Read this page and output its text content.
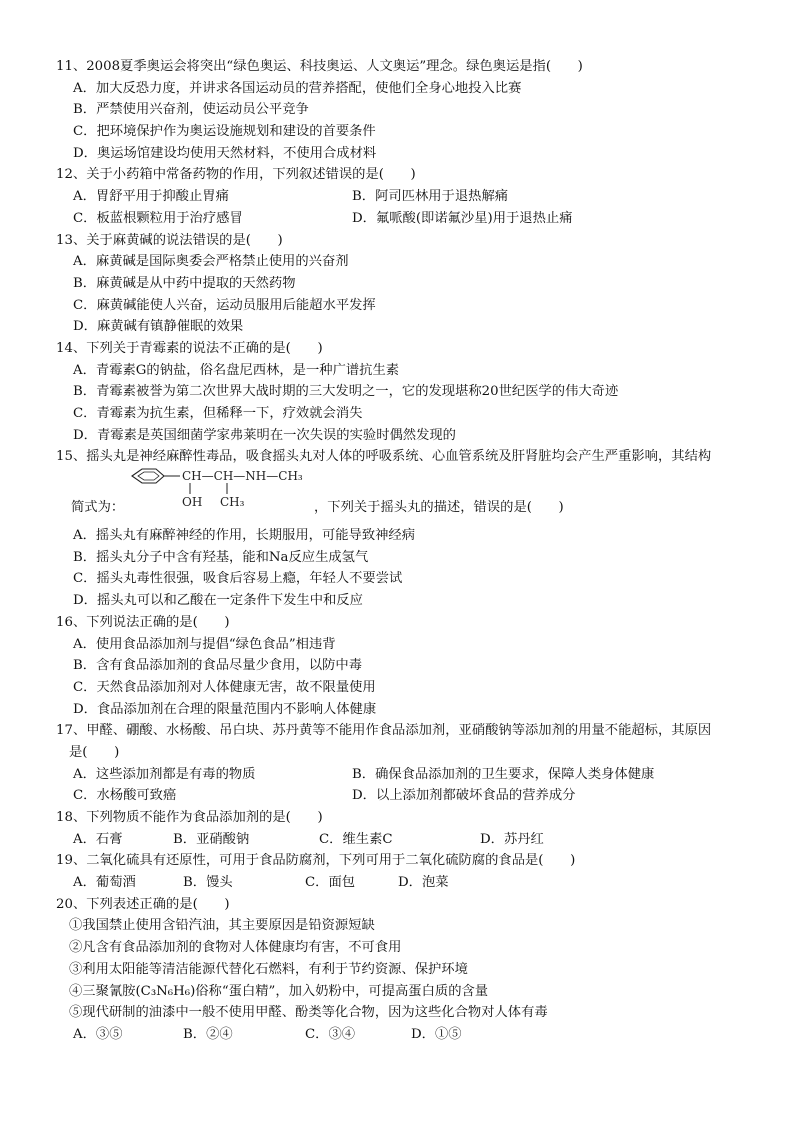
11、2008夏季奥运会将突出“绿色奥运、科技奥运、人文奥运”理念。绿色奥运是指(　　)
A．加大反恐力度，并讲求各国运动员的营养搭配，使他们全身心地投入比赛
B．严禁使用兴奋剂，使运动员公平竞争
C．把环境保护作为奥运设施规划和建设的首要条件
D．奥运场馆建设均使用天然材料，不使用合成材料
12、关于小药箱中常备药物的作用，下列叙述错误的是(　　)
A．胃舒平用于抑酸止胃痛	B．阿司匹林用于退热解痛
C．板蓝根颗粒用于治疗感冒	D．氟哌酸(即诺氟沙星)用于退热止痛
13、关于麻黄碱的说法错误的是(　　)
A．麻黄碱是国际奥委会严格禁止使用的兴奋剂
B．麻黄碱是从中药中提取的天然药物
C．麻黄碱能使人兴奋，运动员服用后能超水平发挥
D．麻黄碱有镇静催眠的效果
14、下列关于青霉素的说法不正确的是(　　)
A．青霉素G的钠盐，俗名盘尼西林，是一种广谱抗生素
B．青霉素被誉为第二次世界大战时期的三大发明之一，它的发现堪称20世纪医学的伟大奇迹
C．青霉素为抗生素，但稀释一下，疗效就会消失
D．青霉素是英国细菌学家弗莱明在一次失误的实验时偶然发现的
15、摇头丸是神经麻醉性毒品，吸食摇头丸对人体的呼吸系统、心血管系统及肝肾脏均会产生严重影响，其结构
简式为：
CH—CH—NH—CH₃
OH CH₃	，下列关于摇头丸的描述，错误的是(　　)
A．摇头丸有麻醉神经的作用，长期服用，可能导致神经病
B．摇头丸分子中含有羟基，能和Na反应生成氢气
C．摇头丸毒性很强，吸食后容易上瘾，年轻人不要尝试
D．摇头丸可以和乙酸在一定条件下发生中和反应
16、下列说法正确的是(　　)
A．使用食品添加剂与提倡“绿色食品”相违背
B．含有食品添加剂的食品尽量少食用，以防中毒
C．天然食品添加剂对人体健康无害，故不限量使用
D．食品添加剂在合理的限量范围内不影响人体健康
17、甲醛、硼酸、水杨酸、吊白块、苏丹黄等不能用作食品添加剂，亚硝酸钠等添加剂的用量不能超标，其原因
是(　　)
A．这些添加剂都是有毒的物质	B．确保食品添加剂的卫生要求，保障人类身体健康
C．水杨酸可致癌	D．以上添加剂都破坏食品的营养成分
18、下列物质不能作为食品添加剂的是(　　)
A．石膏	B．亚硝酸钠	C．维生素C	D．苏丹红
19、二氧化硫具有还原性，可用于食品防腐剂，下列可用于二氧化硫防腐的食品是(　　)
A．葡萄酒	B．馒头	C．面包	D．泡菜
20、下列表述正确的是(　　)
①我国禁止使用含铅汽油，其主要原因是铅资源短缺
②凡含有食品添加剂的食物对人体健康均有害，不可食用
③利用太阳能等清洁能源代替化石燃料，有利于节约资源、保护环境
④三聚氰胺(C₃N₆H₆)俗称“蛋白精”，加入奶粉中，可提高蛋白质的含量
⑤现代研制的油漆中一般不使用甲醛、酚类等化合物，因为这些化合物对人体有毒
A．③⑤	B．②④	C．③④	D．①⑤
